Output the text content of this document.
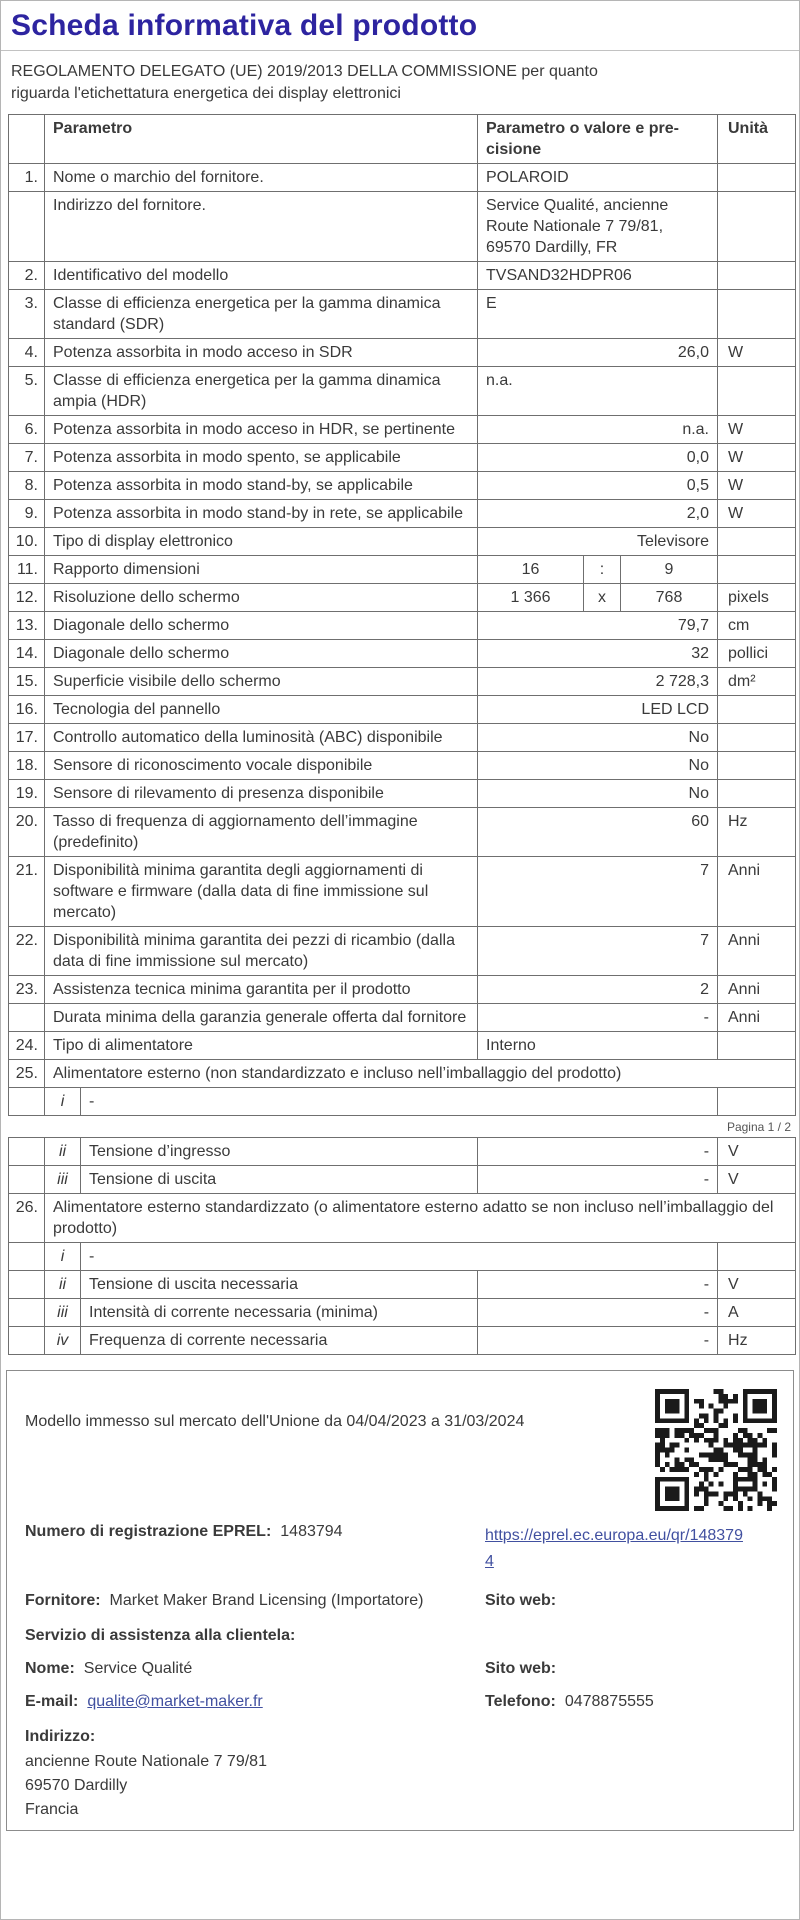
Scheda informativa del prodotto
REGOLAMENTO DELEGATO (UE) 2019/2013 DELLA COMMISSIONE per quanto riguarda l'etichettatura energetica dei display elettronici
	Parametro		Parametro o valore e precisione			Unità
1.	Nome o marchio del fornitore.		POLAROID			
	Indirizzo del fornitore.		Service Qualité, ancienne Route Nationale 7 79/81, 69570 Dardilly, FR			
2.	Identificativo del modello		TVSAND32HDPR06			
3.	Classe di efficienza energetica per la gamma dinamica standard (SDR)		E			
4.	Potenza assorbita in modo acceso in SDR		26,0			W
5.	Classe di efficienza energetica per la gamma dinamica ampia (HDR)		n.a.			
6.	Potenza assorbita in modo acceso in HDR, se pertinente		n.a.			W
7.	Potenza assorbita in modo spento, se applicabile		0,0			W
8.	Potenza assorbita in modo stand-by, se applicabile		0,5			W
9.	Potenza assorbita in modo stand-by in rete, se applicabile		2,0			W
10.	Tipo di display elettronico		Televisore			
11.	Rapporto dimensioni		16	:	9	
12.	Risoluzione dello schermo		1 366	x	768	pixels
13.	Diagonale dello schermo		79,7			cm
14.	Diagonale dello schermo		32			pollici
15.	Superficie visibile dello schermo		2 728,3			dm²
16.	Tecnologia del pannello		LED LCD			
17.	Controllo automatico della luminosità (ABC) disponibile		No			
18.	Sensore di riconoscimento vocale disponibile		No			
19.	Sensore di rilevamento di presenza disponibile		No			
20.	Tasso di frequenza di aggiornamento dell’immagine (predefinito)		60			Hz
21.	Disponibilità minima garantita degli aggiornamenti di software e firmware (dalla data di fine immissione sul mercato)		7			Anni
22.	Disponibilità minima garantita dei pezzi di ricambio (dalla data di fine immissione sul mercato)		7			Anni
23.	Assistenza tecnica minima garantita per il prodotto		2			Anni
	Durata minima della garanzia generale offerta dal fornitore		-			Anni
24.	Tipo di alimentatore		Interno			
25.	Alimentatore esterno (non standardizzato e incluso nell’imballaggio del prodotto)					
	i	-				
Pagina 1 / 2
	ii	Tensione d’ingresso	-	V
	iii	Tensione di uscita	-	V
26.	Alimentatore esterno standardizzato (o alimentatore esterno adatto se non incluso nell’imballaggio del prodotto)			
	i	-		
	ii	Tensione di uscita necessaria	-	V
	iii	Intensità di corrente necessaria (minima)	-	A
	iv	Frequenza di corrente necessaria	-	Hz
Modello immesso sul mercato dell'Unione da 04/04/2023 a 31/03/2024
Numero di registrazione EPREL: 1483794	https://eprel.ec.europa.eu/qr/1483794
Fornitore: Market Maker Brand Licensing (Importatore)	Sito web:
Servizio di assistenza alla clientela:
Nome: Service Qualité	Sito web:
E-mail: qualite@market-maker.fr	Telefono: 0478875555
Indirizzo:
ancienne Route Nationale 7 79/81
69570 Dardilly
Francia
